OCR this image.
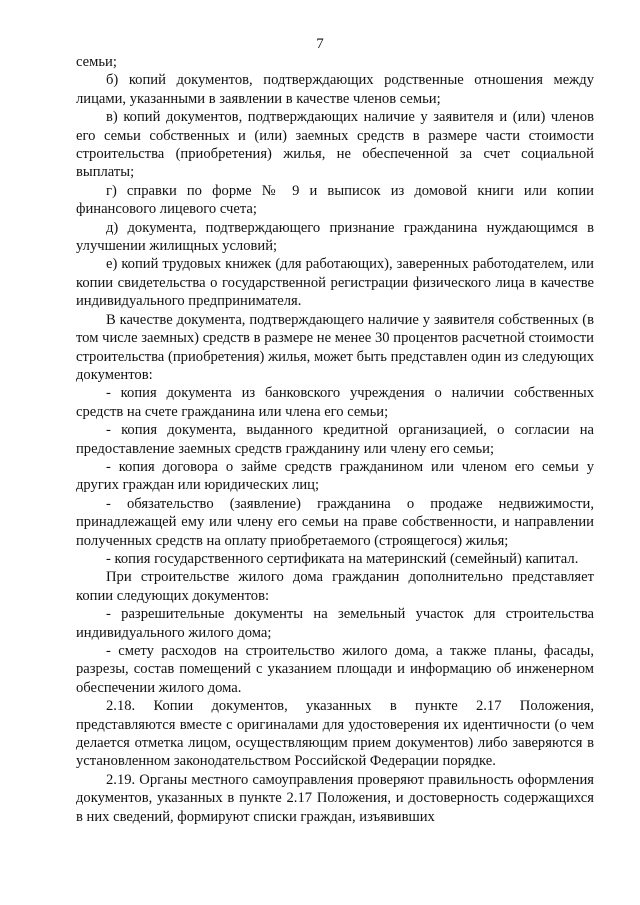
7

семьи;

б) копий документов, подтверждающих родственные отношения между лицами, указанными в заявлении в качестве членов семьи;

в) копий документов, подтверждающих наличие у заявителя и (или) членов его семьи собственных и (или) заемных средств в размере части стоимости строительства (приобретения) жилья, не обеспеченной за счет социальной выплаты;

г) справки по форме № 9 и выписок из домовой книги или копии финансового лицевого счета;

д) документа, подтверждающего признание гражданина нуждающимся в улучшении жилищных условий;

е) копий трудовых книжек (для работающих), заверенных работодателем, или копии свидетельства о государственной регистрации физического лица в качестве индивидуального предпринимателя.

В качестве документа, подтверждающего наличие у заявителя собственных (в том числе заемных) средств в размере не менее 30 процентов расчетной стоимости строительства (приобретения) жилья, может быть представлен один из следующих документов:

- копия документа из банковского учреждения о наличии собственных средств на счете гражданина или члена его семьи;

- копия документа, выданного кредитной организацией, о согласии на предоставление заемных средств гражданину или члену его семьи;

- копия договора о займе средств гражданином или членом его семьи у других граждан или юридических лиц;

- обязательство (заявление) гражданина о продаже недвижимости, принадлежащей ему или члену его семьи на праве собственности, и направлении полученных средств на оплату приобретаемого (строящегося) жилья;

- копия государственного сертификата на материнский (семейный) капитал.

При строительстве жилого дома гражданин дополнительно представляет копии следующих документов:

- разрешительные документы на земельный участок для строительства индивидуального жилого дома;

- смету расходов на строительство жилого дома, а также планы, фасады, разрезы, состав помещений с указанием площади и информацию об инженерном обеспечении жилого дома.

2.18. Копии документов, указанных в пункте 2.17 Положения, представляются вместе с оригиналами для удостоверения их идентичности (о чем делается отметка лицом, осуществляющим прием документов) либо заверяются в установленном законодательством Российской Федерации порядке.

2.19. Органы местного самоуправления проверяют правильность оформления документов, указанных в пункте 2.17 Положения, и достоверность содержащихся в них сведений, формируют списки граждан, изъявивших
